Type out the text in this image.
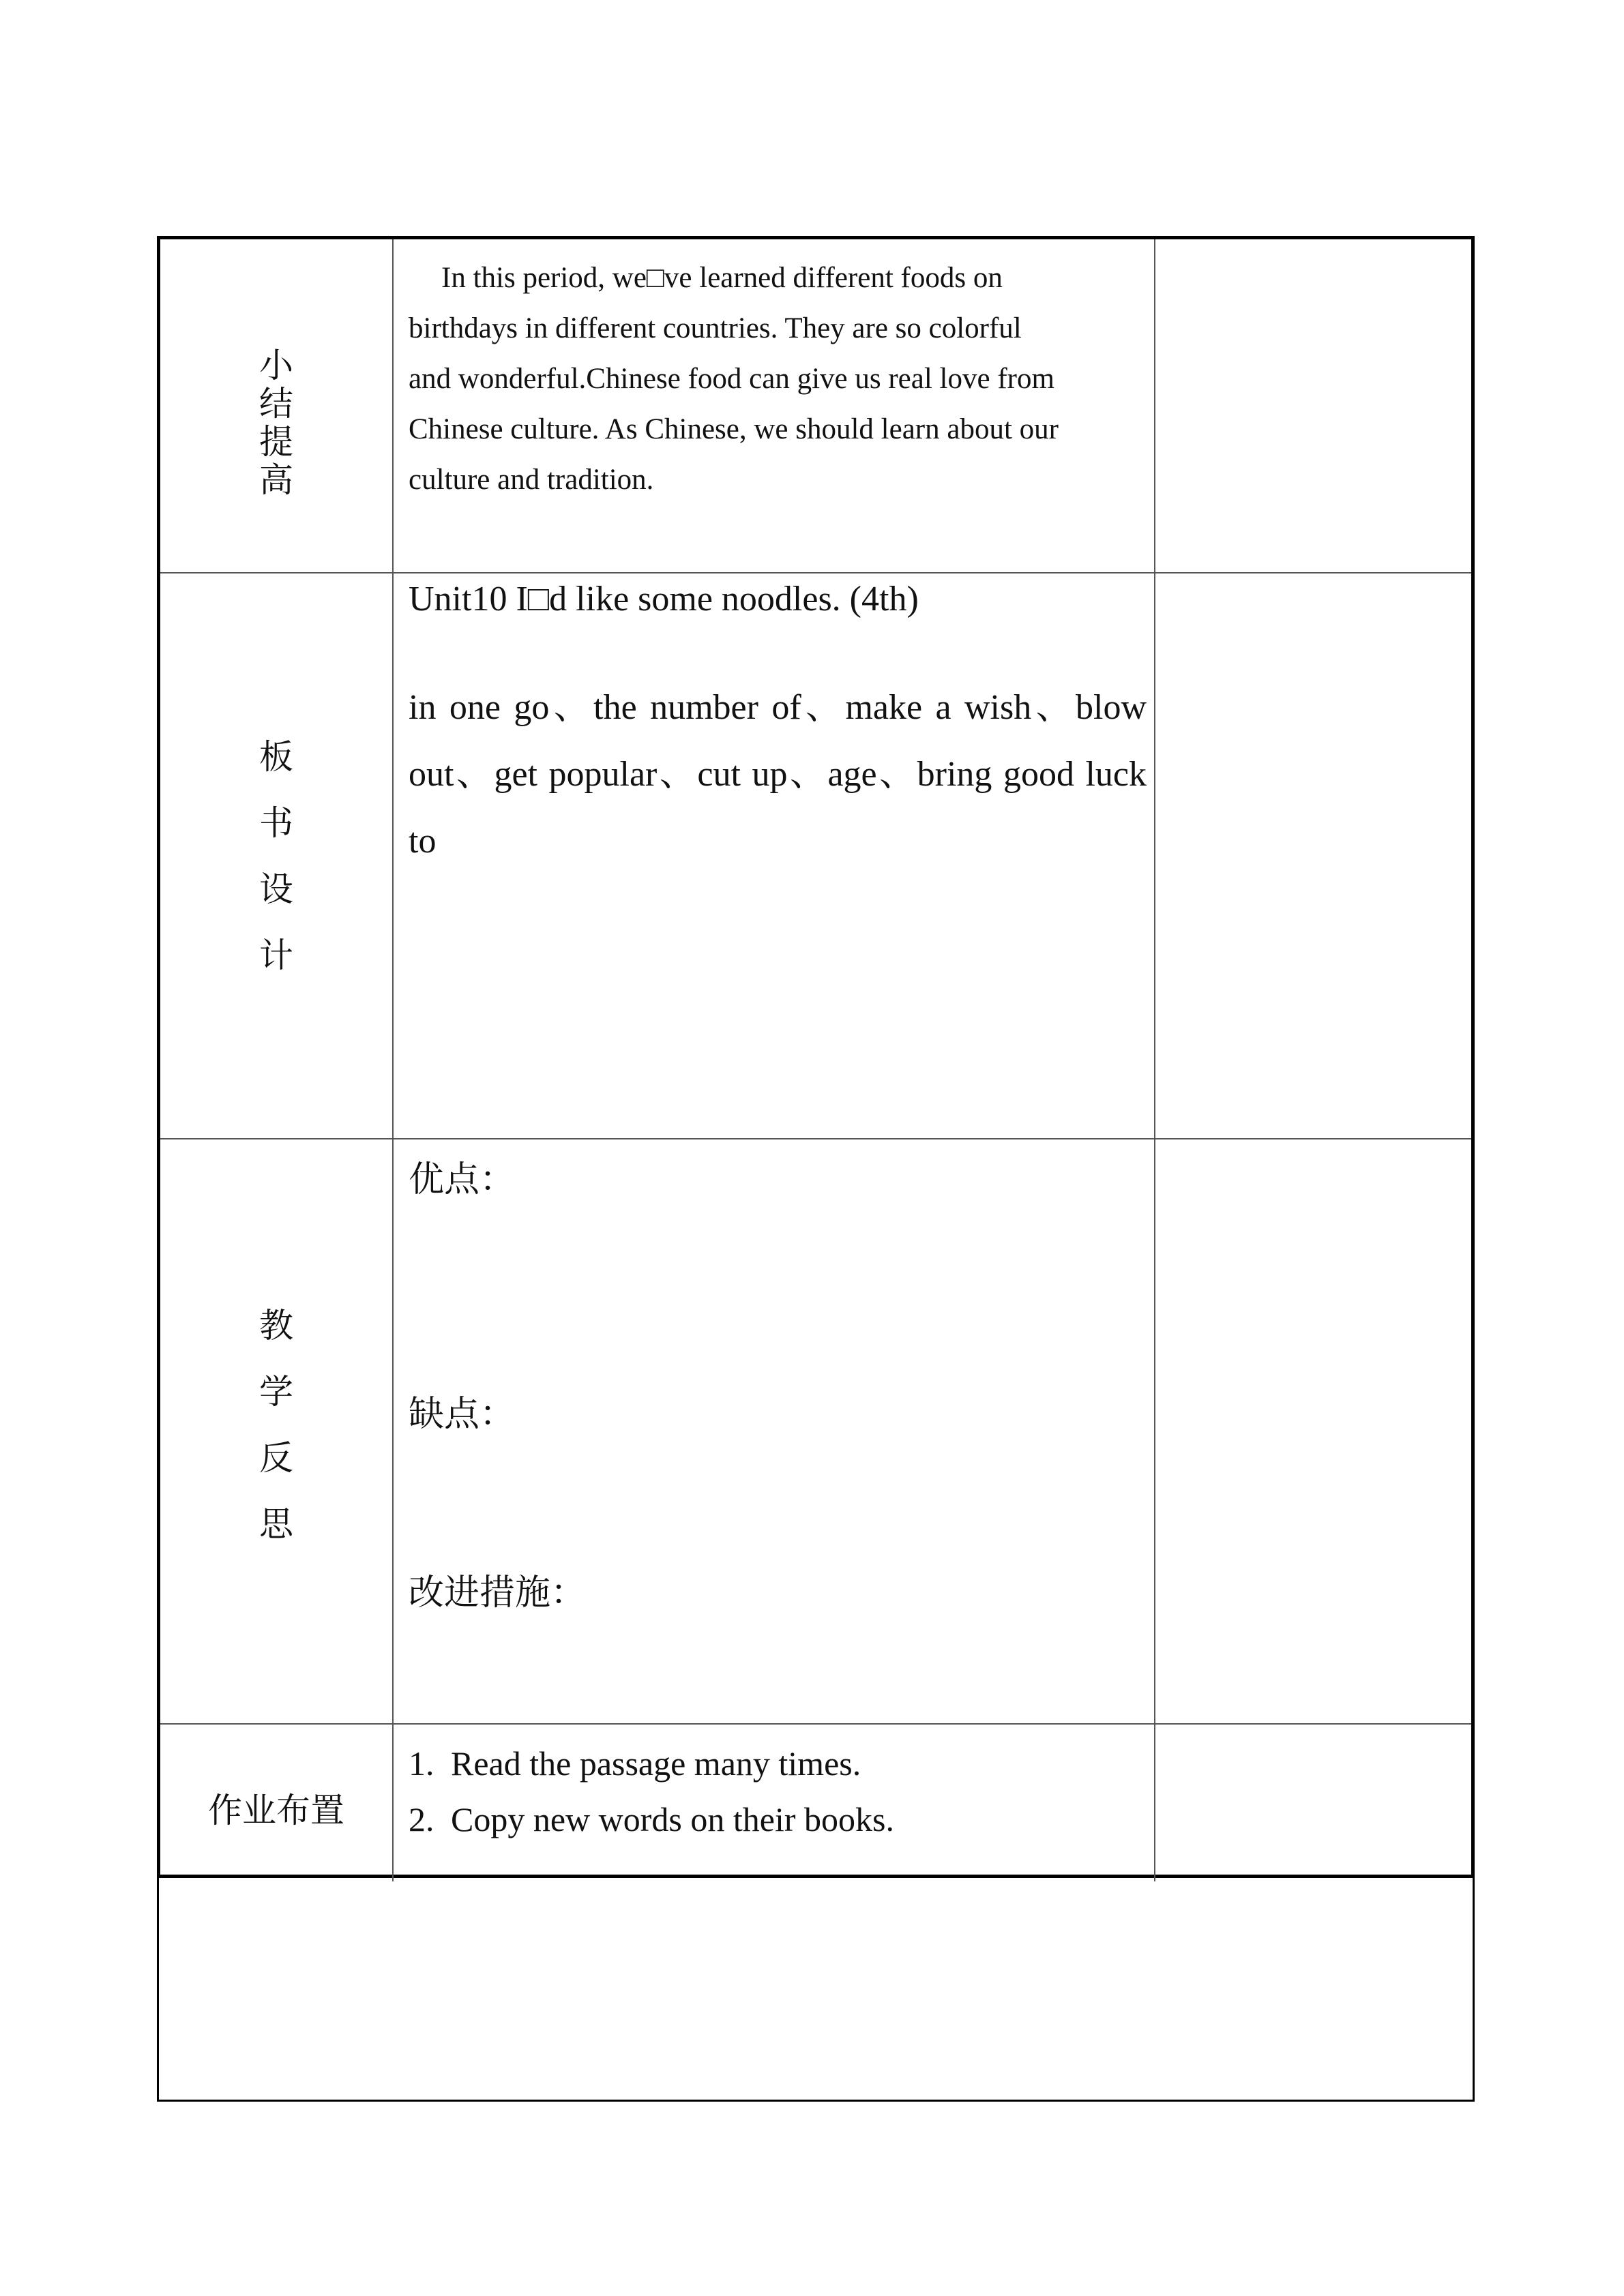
小
结
提
高
In this period, we□ve learned different foods on
birthdays in different countries. They are so colorful
and wonderful.Chinese food can give us real love from
Chinese culture. As Chinese, we should learn about our
culture and tradition.
板
书
设
计
Unit10 I□d like some noodles. (4th)
in one go、the number of、make a wish、blow out、get popular、cut up、age、bring good luck to
教
学
反
思
优点：
缺点：
改进措施：
作业布置
1. Read the passage many times.
2. Copy new words on their books.
